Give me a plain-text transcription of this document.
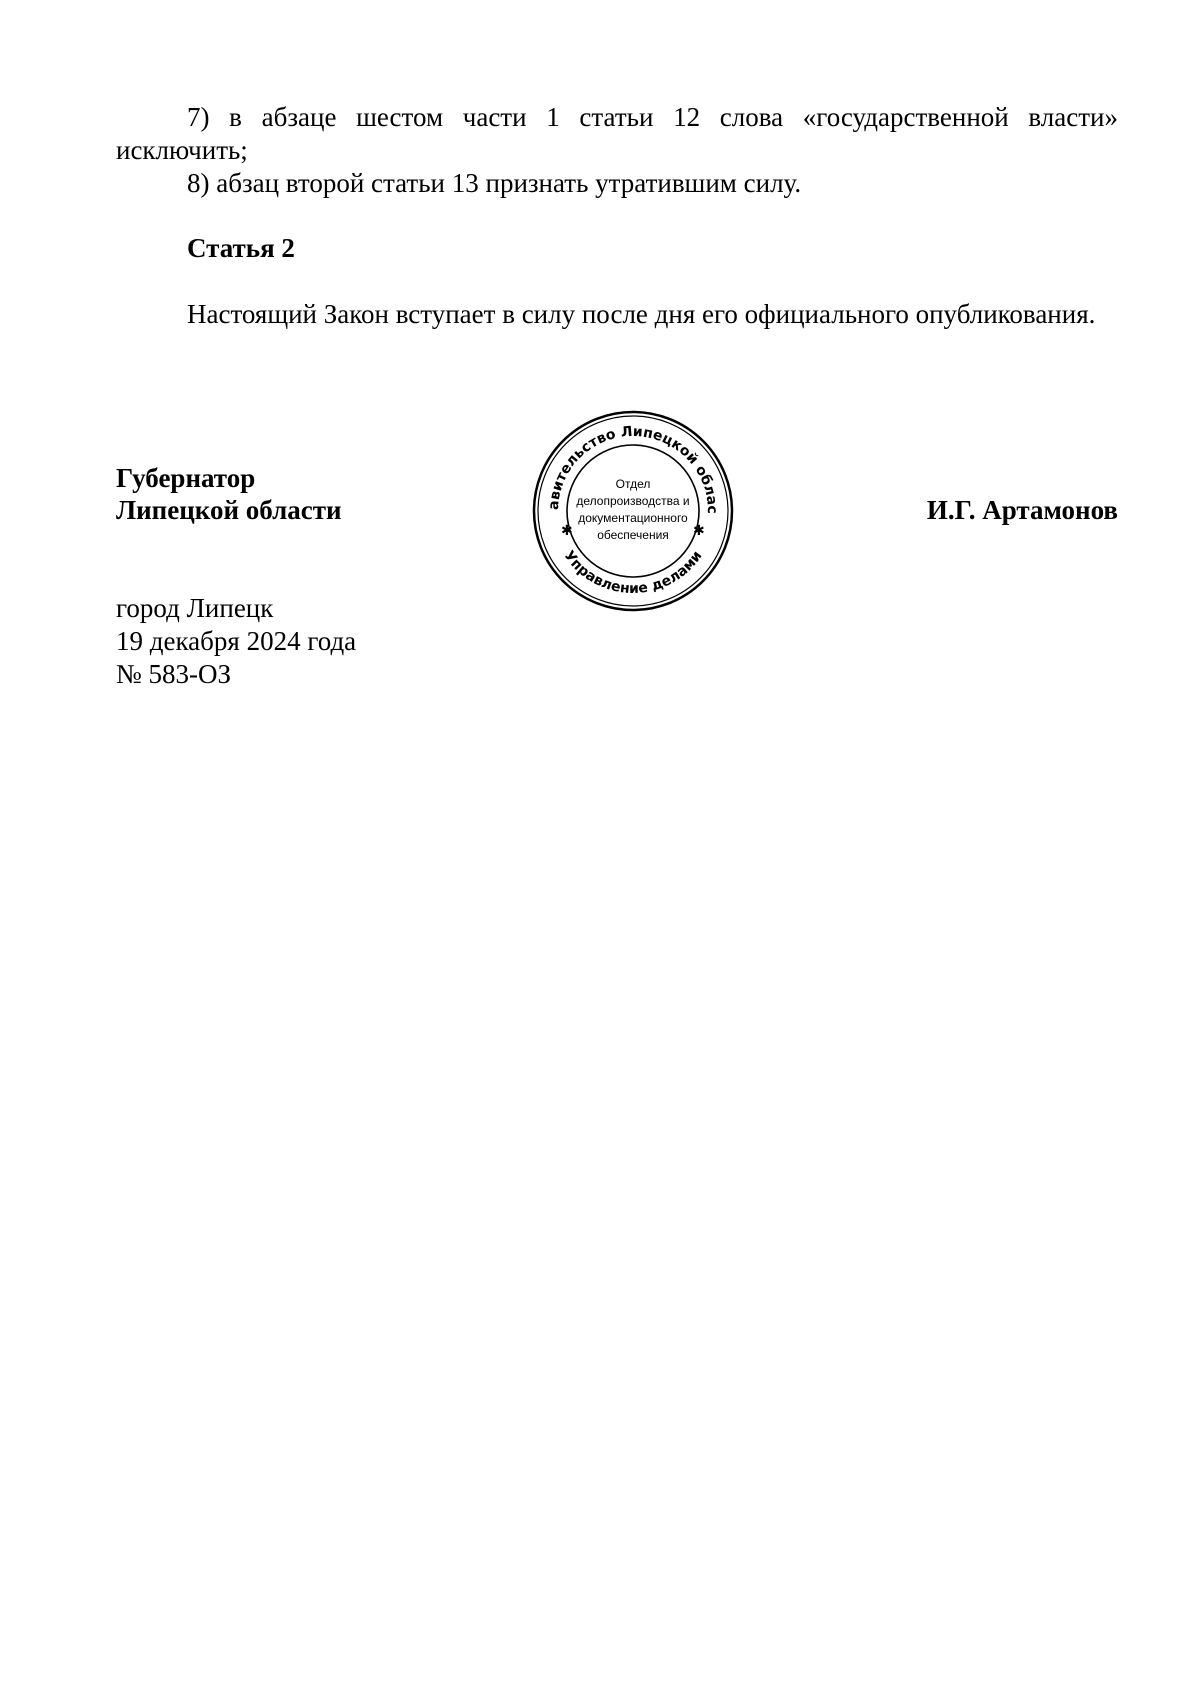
7) в абзаце шестом части 1 статьи 12 слова «государственной власти» исключить;

8) абзац второй статьи 13 признать утратившим силу.

Статья 2

Настоящий Закон вступает в силу после дня его официального опубликования.

Губернатор
Липецкой области	И.Г. Артамонов
авительство Липецкой облас
Управление делами
✱	✱
Отдел
делопроизводства и
документационного
обеспечения
город Липецк
19 декабря 2024 года
№ 583-ОЗ
